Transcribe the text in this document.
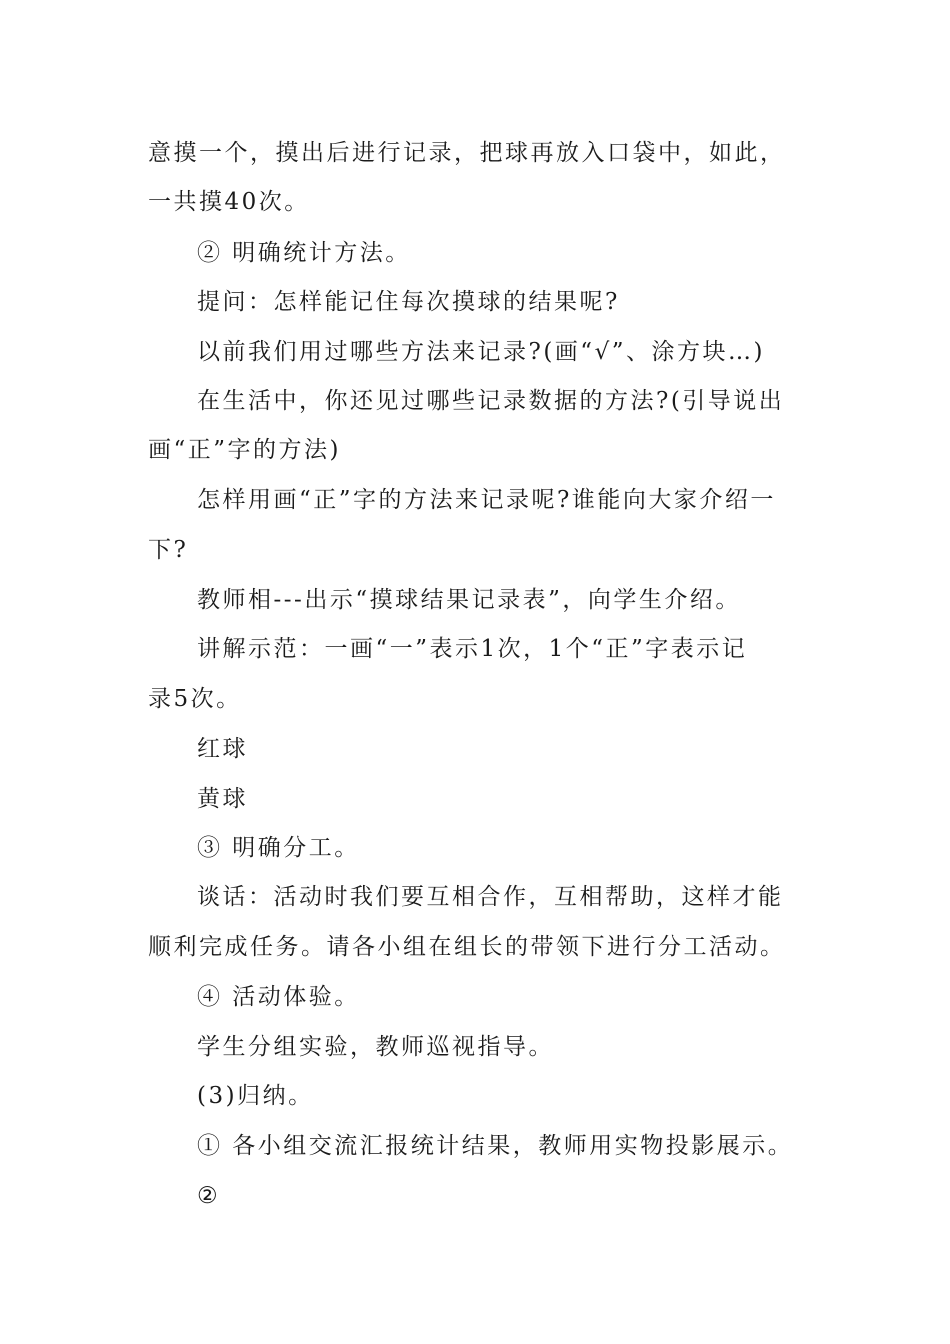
意摸一个，摸出后进行记录，把球再放入口袋中，如此，
一共摸40次。
② 明确统计方法。
提问：怎样能记住每次摸球的结果呢?
以前我们用过哪些方法来记录?(画“√”、涂方块…)
在生活中，你还见过哪些记录数据的方法?(引导说出
画“正”字的方法)
怎样用画“正”字的方法来记录呢?谁能向大家介绍一
下?
教师相---出示“摸球结果记录表”，向学生介绍。
讲解示范：一画“一”表示1次，1个“正”字表示记
录5次。
红球
黄球
③ 明确分工。
谈话：活动时我们要互相合作，互相帮助，这样才能
顺利完成任务。请各小组在组长的带领下进行分工活动。
④ 活动体验。
学生分组实验，教师巡视指导。
(3)归纳。
① 各小组交流汇报统计结果，教师用实物投影展示。
②
